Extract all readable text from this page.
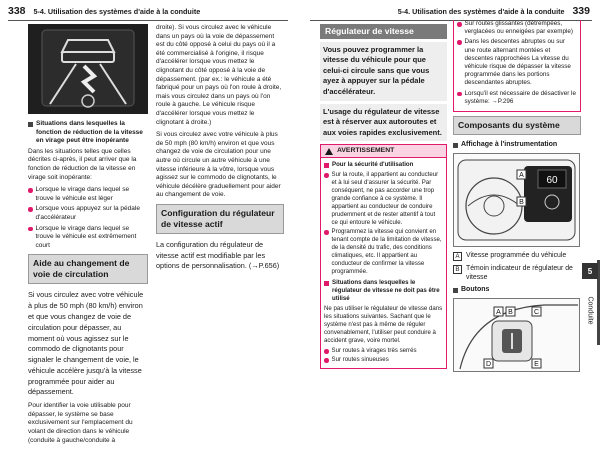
338 5-4. Utilisation des systèmes d'aide à la conduite	5-4. Utilisation des systèmes d'aide à la conduite 339
Situations dans lesquelles la fonction de réduction de la vitesse en virage peut être inopérante

Dans les situations telles que celles décrites ci-après, il peut arriver que la fonction de réduction de la vitesse en virage soit inopérante:

Lorsque le virage dans lequel se trouve le véhicule est léger
Lorsque vous appuyez sur la pédale d'accélérateur
Lorsque le virage dans lequel se trouve le véhicule est extrêmement court
Aide au changement de voie de circulation

Si vous circulez avec votre véhicule à plus de 50 mph (80 km/h) environ et que vous changez de voie de circulation pour dépasser, au moment où vous agissez sur le commodo de clignotants pour signaler le changement de voie, le véhicule accélère jusqu'à la vitesse programmée pour aider au dépassement.

Pour identifier la voie utilisable pour dépasser, le système se base exclusivement sur l'emplacement du volant de direction dans le véhicule (conduite à gauche/conduite à

droite). Si vous circulez avec le véhicule dans un pays où la voie de dépassement est du côté opposé à celui du pays où il a été commercialisé à l'origine, il risque d'accélérer lorsque vous mettez le clignotant du côté opposé à la voie de dépassement. (par ex.: le véhicule a été fabriqué pour un pays où l'on roule à droite, mais vous circulez dans un pays où l'on roule à gauche. Le véhicule risque d'accélérer lorsque vous mettez le clignotant à droite.)

Si vous circulez avec votre véhicule à plus de 50 mph (80 km/h) environ et que vous changez de voie de circulation pour une autre où circule un autre véhicule à une vitesse inférieure à la vôtre, lorsque vous agissez sur le commodo de clignotants, le véhicule décélère graduellement pour aider au changement de voie.

Configuration du régulateur de vitesse actif

La configuration du régulateur de vitesse actif est modifiable par les options de personnalisation. (→P.656)

Régulateur de vitesse
Vous pouvez programmer la vitesse du véhicule pour que celui-ci circule sans que vous ayez à appuyer sur la pédale d'accélérateur.
L'usage du régulateur de vitesse est à réserver aux autoroutes et aux voies rapides exclusivement.
AVERTISSEMENT
Pour la sécurité d'utilisation
Sur la route, il appartient au conducteur et à lui seul d'assurer la sécurité. Par conséquent, ne pas accorder une trop grande confiance à ce système. Il appartient au conducteur de conduire prudemment et de rester attentif à tout ce qui entoure le véhicule.
Programmez la vitesse qui convient en tenant compte de la limitation de vitesse, de la densité du trafic, des conditions climatiques, etc. Il appartient au conducteur de confirmer la vitesse programmée.
Situations dans lesquelles le régulateur de vitesse ne doit pas être utilisé

Ne pas utiliser le régulateur de vitesse dans les situations suivantes. Sachant que le système n'est pas à même de réguler convenablement, l'utiliser peut conduire à accident grave, voire mortel.

Sur routes à virages très serrés
Sur routes sinueuses
Sur routes glissantes (détrempées, verglacées ou enneigées par exemple)
Dans les descentes abruptes ou sur une route alternant montées et descentes rapprochées La vitesse du véhicule risque de dépasser la vitesse programmée dans les portions descendantes abruptes.
Lorsqu'il est nécessaire de désactiver le système: →P.296
Composants du système
Affichage à l'instrumentation
60
A
B
A Vitesse programmée du véhicule
B Témoin indicateur de régulateur de vitesse
Boutons
A B	C
D	E
5
Conduite
